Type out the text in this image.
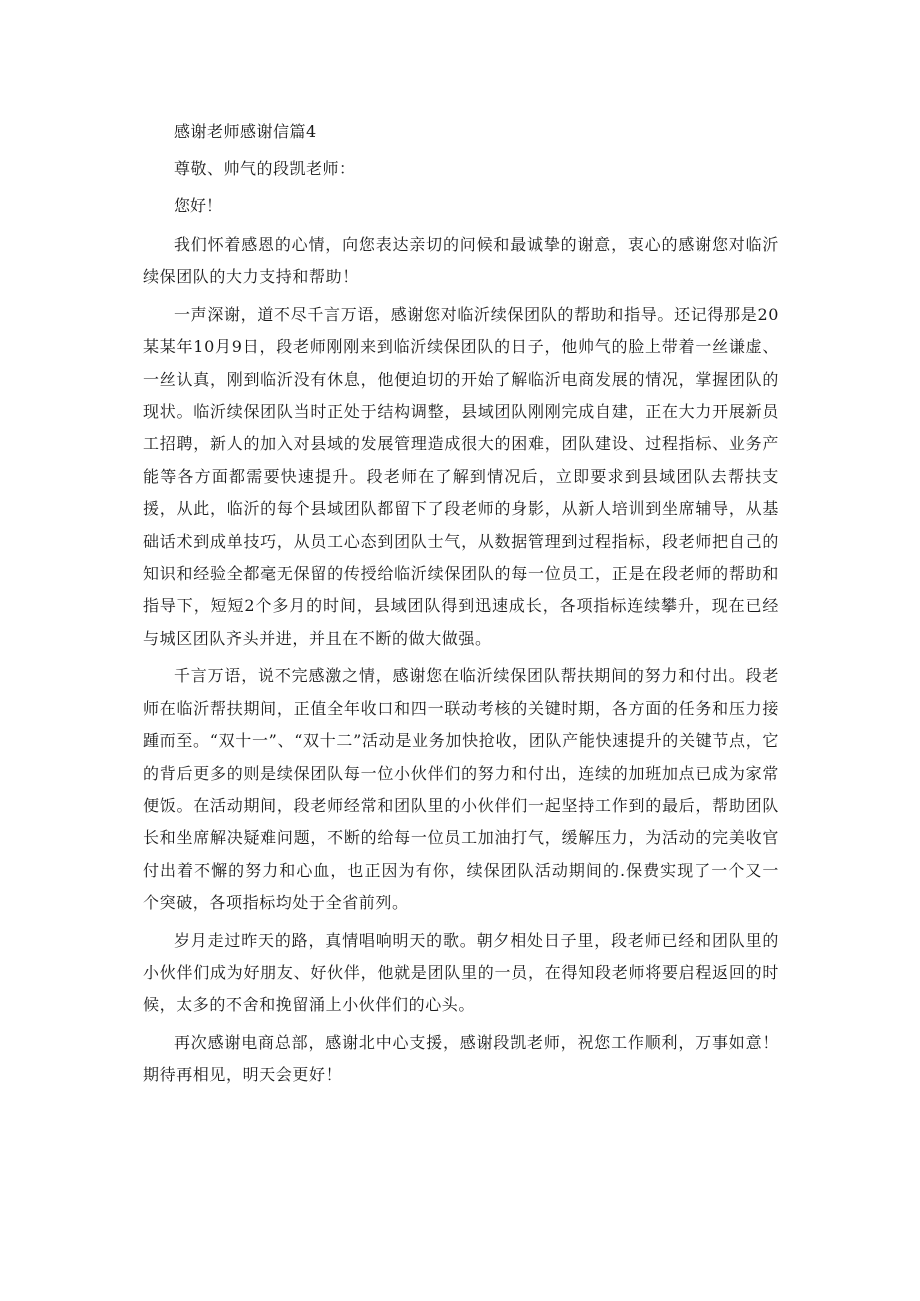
感谢老师感谢信篇4
尊敬、帅气的段凯老师：
您好！

我们怀着感恩的心情，向您表达亲切的问候和最诚挚的谢意，衷心的感谢您对临沂续保团队的大力支持和帮助！

一声深谢，道不尽千言万语，感谢您对临沂续保团队的帮助和指导。还记得那是20某某年10月9日，段老师刚刚来到临沂续保团队的日子，他帅气的脸上带着一丝谦虚、一丝认真，刚到临沂没有休息，他便迫切的开始了解临沂电商发展的情况，掌握团队的现状。临沂续保团队当时正处于结构调整，县域团队刚刚完成自建，正在大力开展新员工招聘，新人的加入对县域的发展管理造成很大的困难，团队建设、过程指标、业务产能等各方面都需要快速提升。段老师在了解到情况后，立即要求到县域团队去帮扶支援，从此，临沂的每个县域团队都留下了段老师的身影，从新人培训到坐席辅导，从基础话术到成单技巧，从员工心态到团队士气，从数据管理到过程指标，段老师把自己的知识和经验全都毫无保留的传授给临沂续保团队的每一位员工，正是在段老师的帮助和指导下，短短2个多月的时间，县域团队得到迅速成长，各项指标连续攀升，现在已经与城区团队齐头并进，并且在不断的做大做强。

千言万语，说不完感激之情，感谢您在临沂续保团队帮扶期间的努力和付出。段老师在临沂帮扶期间，正值全年收口和四一联动考核的关键时期，各方面的任务和压力接踵而至。“双十一”、“双十二”活动是业务加快抢收，团队产能快速提升的关键节点，它的背后更多的则是续保团队每一位小伙伴们的努力和付出，连续的加班加点已成为家常便饭。在活动期间，段老师经常和团队里的小伙伴们一起坚持工作到的最后，帮助团队长和坐席解决疑难问题，不断的给每一位员工加油打气，缓解压力，为活动的完美收官付出着不懈的努力和心血，也正因为有你，续保团队活动期间的.保费实现了一个又一个突破，各项指标均处于全省前列。

岁月走过昨天的路，真情唱响明天的歌。朝夕相处日子里，段老师已经和团队里的小伙伴们成为好朋友、好伙伴，他就是团队里的一员，在得知段老师将要启程返回的时候，太多的不舍和挽留涌上小伙伴们的心头。

再次感谢电商总部，感谢北中心支援，感谢段凯老师，祝您工作顺利，万事如意！期待再相见，明天会更好！
